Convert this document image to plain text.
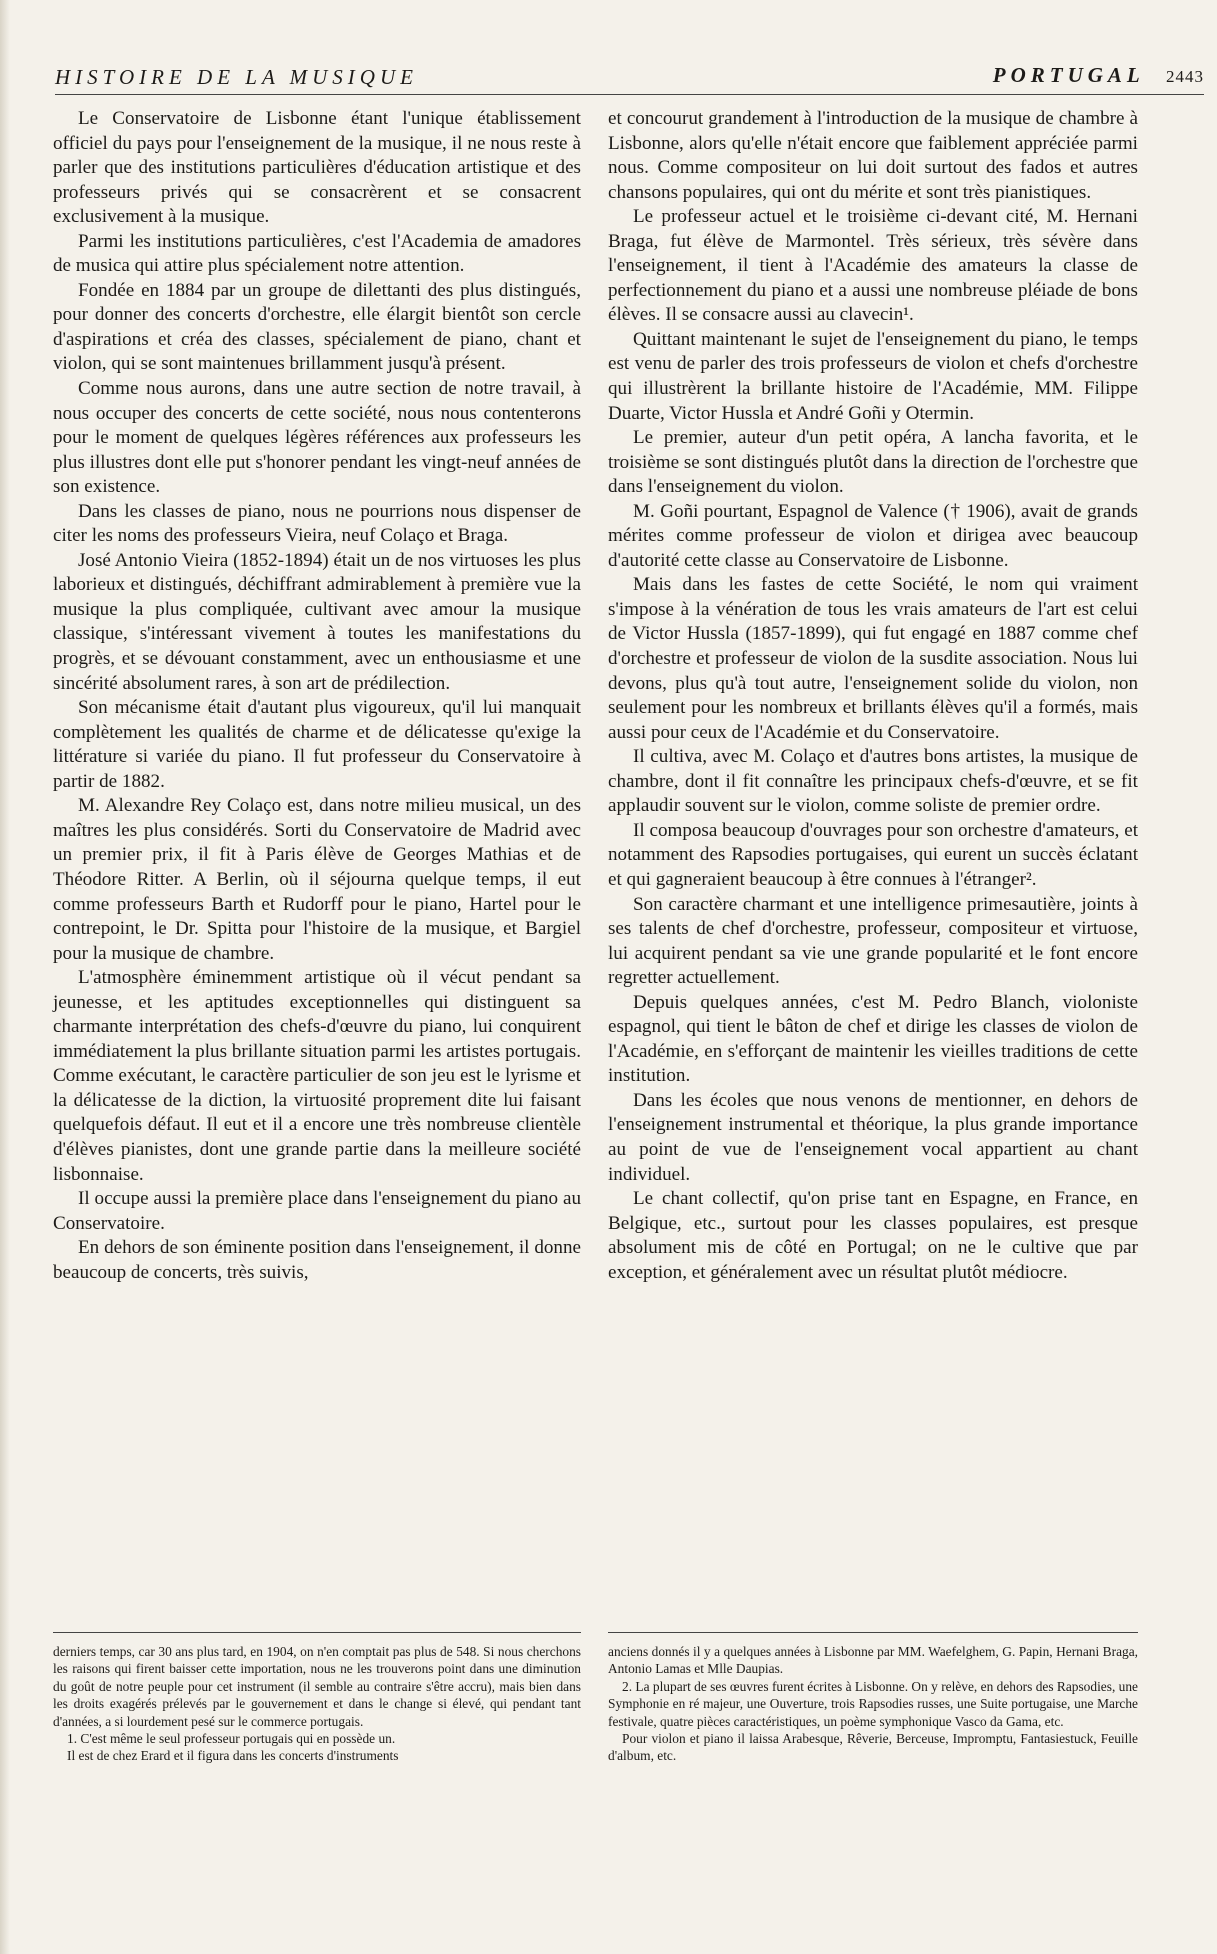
HISTOIRE DE LA MUSIQUE	PORTUGAL 2443

Le Conservatoire de Lisbonne étant l'unique établissement officiel du pays pour l'enseignement de la musique, il ne nous reste à parler que des institutions particulières d'éducation artistique et des professeurs privés qui se consacrèrent et se consacrent exclusivement à la musique.

Parmi les institutions particulières, c'est l'Academia de amadores de musica qui attire plus spécialement notre attention.

Fondée en 1884 par un groupe de dilettanti des plus distingués, pour donner des concerts d'orchestre, elle élargit bientôt son cercle d'aspirations et créa des classes, spécialement de piano, chant et violon, qui se sont maintenues brillamment jusqu'à présent.

Comme nous aurons, dans une autre section de notre travail, à nous occuper des concerts de cette société, nous nous contenterons pour le moment de quelques légères références aux professeurs les plus illustres dont elle put s'honorer pendant les vingt-neuf années de son existence.

Dans les classes de piano, nous ne pourrions nous dispenser de citer les noms des professeurs Vieira, neuf Colaço et Braga.

José Antonio Vieira (1852-1894) était un de nos virtuoses les plus laborieux et distingués, déchiffrant admirablement à première vue la musique la plus compliquée, cultivant avec amour la musique classique, s'intéressant vivement à toutes les manifestations du progrès, et se dévouant constamment, avec un enthousiasme et une sincérité absolument rares, à son art de prédilection.

Son mécanisme était d'autant plus vigoureux, qu'il lui manquait complètement les qualités de charme et de délicatesse qu'exige la littérature si variée du piano. Il fut professeur du Conservatoire à partir de 1882.

M. Alexandre Rey Colaço est, dans notre milieu musical, un des maîtres les plus considérés. Sorti du Conservatoire de Madrid avec un premier prix, il fit à Paris élève de Georges Mathias et de Théodore Ritter. A Berlin, où il séjourna quelque temps, il eut comme professeurs Barth et Rudorff pour le piano, Hartel pour le contrepoint, le Dr. Spitta pour l'histoire de la musique, et Bargiel pour la musique de chambre.

L'atmosphère éminemment artistique où il vécut pendant sa jeunesse, et les aptitudes exceptionnelles qui distinguent sa charmante interprétation des chefs-d'œuvre du piano, lui conquirent immédiatement la plus brillante situation parmi les artistes portugais. Comme exécutant, le caractère particulier de son jeu est le lyrisme et la délicatesse de la diction, la virtuosité proprement dite lui faisant quelquefois défaut. Il eut et il a encore une très nombreuse clientèle d'élèves pianistes, dont une grande partie dans la meilleure société lisbonnaise.

Il occupe aussi la première place dans l'enseignement du piano au Conservatoire.

En dehors de son éminente position dans l'enseignement, il donne beaucoup de concerts, très suivis,

et concourut grandement à l'introduction de la musique de chambre à Lisbonne, alors qu'elle n'était encore que faiblement appréciée parmi nous. Comme compositeur on lui doit surtout des fados et autres chansons populaires, qui ont du mérite et sont très pianistiques.

Le professeur actuel et le troisième ci-devant cité, M. Hernani Braga, fut élève de Marmontel. Très sérieux, très sévère dans l'enseignement, il tient à l'Académie des amateurs la classe de perfectionnement du piano et a aussi une nombreuse pléiade de bons élèves. Il se consacre aussi au clavecin¹.

Quittant maintenant le sujet de l'enseignement du piano, le temps est venu de parler des trois professeurs de violon et chefs d'orchestre qui illustrèrent la brillante histoire de l'Académie, MM. Filippe Duarte, Victor Hussla et André Goñi y Otermin.

Le premier, auteur d'un petit opéra, A lancha favorita, et le troisième se sont distingués plutôt dans la direction de l'orchestre que dans l'enseignement du violon.

M. Goñi pourtant, Espagnol de Valence († 1906), avait de grands mérites comme professeur de violon et dirigea avec beaucoup d'autorité cette classe au Conservatoire de Lisbonne.

Mais dans les fastes de cette Société, le nom qui vraiment s'impose à la vénération de tous les vrais amateurs de l'art est celui de Victor Hussla (1857-1899), qui fut engagé en 1887 comme chef d'orchestre et professeur de violon de la susdite association. Nous lui devons, plus qu'à tout autre, l'enseignement solide du violon, non seulement pour les nombreux et brillants élèves qu'il a formés, mais aussi pour ceux de l'Académie et du Conservatoire.

Il cultiva, avec M. Colaço et d'autres bons artistes, la musique de chambre, dont il fit connaître les principaux chefs-d'œuvre, et se fit applaudir souvent sur le violon, comme soliste de premier ordre.

Il composa beaucoup d'ouvrages pour son orchestre d'amateurs, et notamment des Rapsodies portugaises, qui eurent un succès éclatant et qui gagneraient beaucoup à être connues à l'étranger².

Son caractère charmant et une intelligence primesautière, joints à ses talents de chef d'orchestre, professeur, compositeur et virtuose, lui acquirent pendant sa vie une grande popularité et le font encore regretter actuellement.

Depuis quelques années, c'est M. Pedro Blanch, violoniste espagnol, qui tient le bâton de chef et dirige les classes de violon de l'Académie, en s'efforçant de maintenir les vieilles traditions de cette institution.

Dans les écoles que nous venons de mentionner, en dehors de l'enseignement instrumental et théorique, la plus grande importance au point de vue de l'enseignement vocal appartient au chant individuel.

Le chant collectif, qu'on prise tant en Espagne, en France, en Belgique, etc., surtout pour les classes populaires, est presque absolument mis de côté en Portugal; on ne le cultive que par exception, et généralement avec un résultat plutôt médiocre.

derniers temps, car 30 ans plus tard, en 1904, on n'en comptait pas plus de 548. Si nous cherchons les raisons qui firent baisser cette importation, nous ne les trouverons point dans une diminution du goût de notre peuple pour cet instrument (il semble au contraire s'être accru), mais bien dans les droits exagérés prélevés par le gouvernement et dans le change si élevé, qui pendant tant d'années, a si lourdement pesé sur le commerce portugais.

1. C'est même le seul professeur portugais qui en possède un.

Il est de chez Erard et il figura dans les concerts d'instruments

anciens donnés il y a quelques années à Lisbonne par MM. Waefelghem, G. Papin, Hernani Braga, Antonio Lamas et Mlle Daupias.

2. La plupart de ses œuvres furent écrites à Lisbonne. On y relève, en dehors des Rapsodies, une Symphonie en ré majeur, une Ouverture, trois Rapsodies russes, une Suite portugaise, une Marche festivale, quatre pièces caractéristiques, un poème symphonique Vasco da Gama, etc.

Pour violon et piano il laissa Arabesque, Rêverie, Berceuse, Impromptu, Fantasiestuck, Feuille d'album, etc.
